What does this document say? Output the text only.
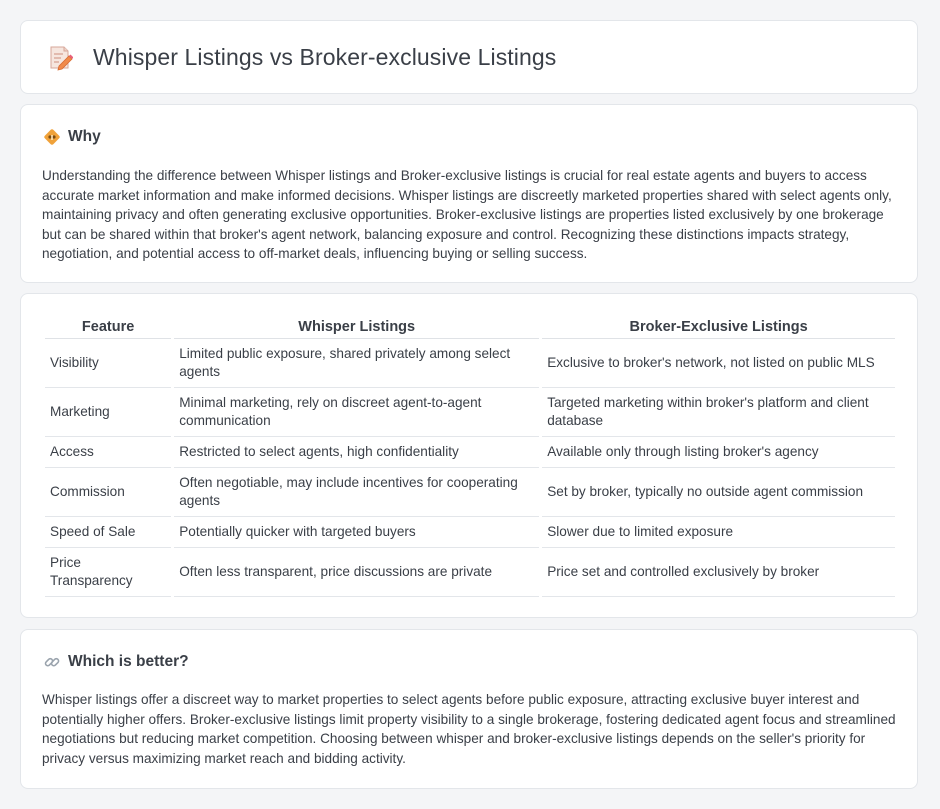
Whisper Listings vs Broker-exclusive Listings
Why

Understanding the difference between Whisper listings and Broker-exclusive listings is crucial for real estate agents and buyers to access accurate market information and make informed decisions. Whisper listings are discreetly marketed properties shared with select agents only, maintaining privacy and often generating exclusive opportunities. Broker-exclusive listings are properties listed exclusively by one brokerage but can be shared within that broker's agent network, balancing exposure and control. Recognizing these distinctions impacts strategy, negotiation, and potential access to off-market deals, influencing buying or selling success.

Feature	Whisper Listings	Broker-Exclusive Listings
Visibility	Limited public exposure, shared privately among select agents	Exclusive to broker's network, not listed on public MLS
Marketing	Minimal marketing, rely on discreet agent-to-agent communication	Targeted marketing within broker's platform and client database
Access	Restricted to select agents, high confidentiality	Available only through listing broker's agency
Commission	Often negotiable, may include incentives for cooperating agents	Set by broker, typically no outside agent commission
Speed of Sale	Potentially quicker with targeted buyers	Slower due to limited exposure
Price Transparency	Often less transparent, price discussions are private	Price set and controlled exclusively by broker
Which is better?

Whisper listings offer a discreet way to market properties to select agents before public exposure, attracting exclusive buyer interest and potentially higher offers. Broker-exclusive listings limit property visibility to a single brokerage, fostering dedicated agent focus and streamlined negotiations but reducing market competition. Choosing between whisper and broker-exclusive listings depends on the seller's priority for privacy versus maximizing market reach and bidding activity.
